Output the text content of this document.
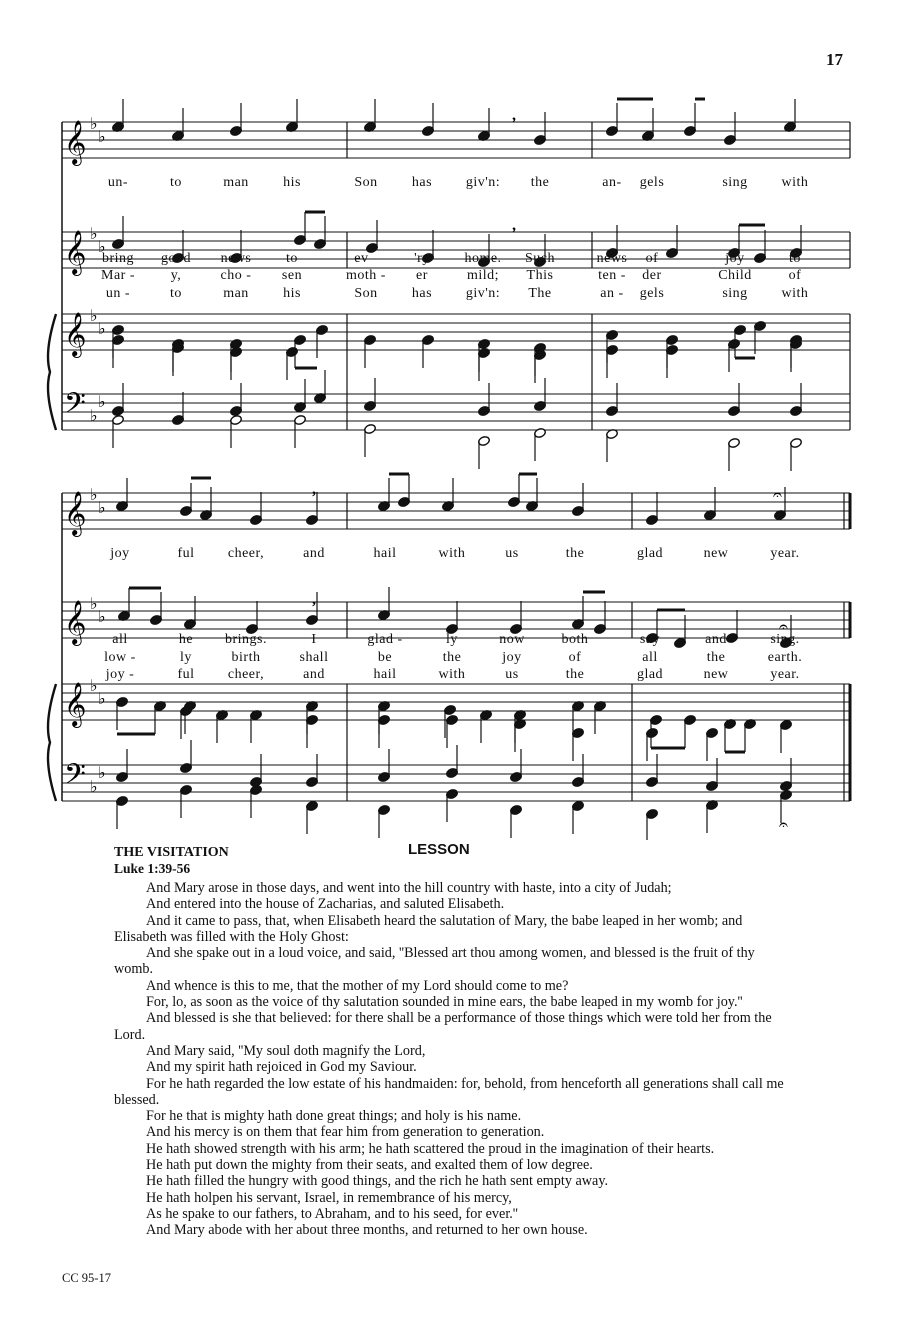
17
𝄞
𝄞
𝄞
𝄢
♭
♭
♭
♭
♭
♭
♭
♭
,
,
un-	to	man his	Son has giv'n: the	an- gels	sing with
bring good news to	ev -	'ry home. Such	news of	joy	to
Mar -	y,	cho - sen	moth - er	mild; This	ten - der	Child	of
un -	to	man his	Son has giv'n: The	an - gels	sing with
𝄞
𝄞
𝄞
𝄢
♭
♭
♭
♭
♭
♭
♭
♭
,	𝄐
,
𝄐
𝄐
joy	ful cheer,	and	hail	with	us	the	glad	new	year.
all	he brings.	I	glad -	ly	now	both	say	and	sing.
low -	ly	birth	shall	be	the	joy	of	all	the	earth.
joy -	ful cheer,	and	hail	with	us	the	glad	new	year.
THE VISITATION	LESSON
Luke 1:39-56

And Mary arose in those days, and went into the hill country with haste, into a city of Judah;

And entered into the house of Zacharias, and saluted Elisabeth.

And it came to pass, that, when Elisabeth heard the salutation of Mary, the babe leaped in her womb; and Elisabeth was filled with the Holy Ghost:

And she spake out in a loud voice, and said, ''Blessed art thou among women, and blessed is the fruit of thy womb.

And whence is this to me, that the mother of my Lord should come to me?

For, lo, as soon as the voice of thy salutation sounded in mine ears, the babe leaped in my womb for joy.''

And blessed is she that believed: for there shall be a performance of those things which were told her from the Lord.

And Mary said, ''My soul doth magnify the Lord,

And my spirit hath rejoiced in God my Saviour.

For he hath regarded the low estate of his handmaiden: for, behold, from henceforth all generations shall call me blessed.

For he that is mighty hath done great things; and holy is his name.

And his mercy is on them that fear him from generation to generation.

He hath showed strength with his arm; he hath scattered the proud in the imagination of their hearts.

He hath put down the mighty from their seats, and exalted them of low degree.

He hath filled the hungry with good things, and the rich he hath sent empty away.

He hath holpen his servant, Israel, in remembrance of his mercy,

As he spake to our fathers, to Abraham, and to his seed, for ever.''

And Mary abode with her about three months, and returned to her own house.

CC 95-17
